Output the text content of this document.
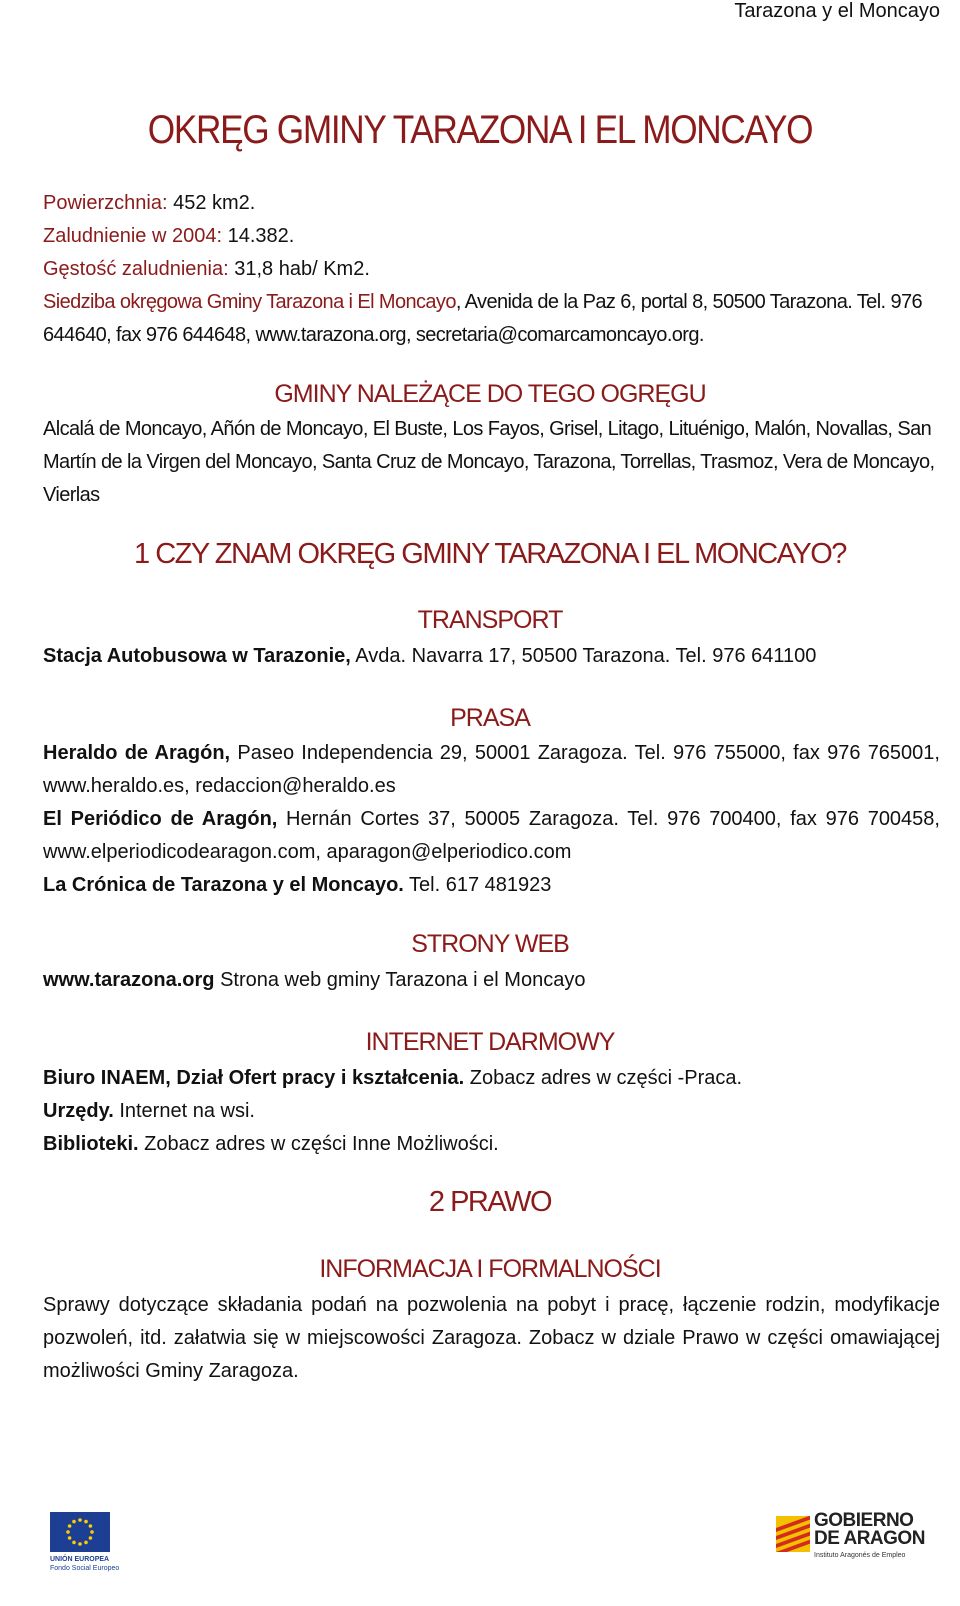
Tarazona y el Moncayo
OKRĘG GMINY TARAZONA I EL MONCAYO
Powierzchnia: 452 km2.
Zaludnienie w 2004: 14.382.
Gęstość zaludnienia: 31,8 hab/ Km2.
Siedziba okręgowa Gminy Tarazona i El Moncayo, Avenida de la Paz 6, portal 8, 50500 Tarazona. Tel. 976 644640, fax 976 644648, www.tarazona.org, secretaria@comarcamoncayo.org.
GMINY NALEŻĄCE DO TEGO OGRĘGU
Alcalá de Moncayo, Añón de Moncayo, El Buste, Los Fayos, Grisel, Litago, Lituénigo, Malón, Novallas, San Martín de la Virgen del Moncayo, Santa Cruz de Moncayo, Tarazona, Torrellas, Trasmoz, Vera de Moncayo, Vierlas
1 CZY ZNAM OKRĘG GMINY TARAZONA I EL MONCAYO?
TRANSPORT
Stacja Autobusowa w Tarazonie, Avda. Navarra 17, 50500 Tarazona. Tel. 976 641100
PRASA
Heraldo de Aragón, Paseo Independencia 29, 50001 Zaragoza. Tel. 976 755000, fax 976 765001, www.heraldo.es, redaccion@heraldo.es
El Periódico de Aragón, Hernán Cortes 37, 50005 Zaragoza. Tel. 976 700400, fax 976 700458, www.elperiodicodearagon.com, aparagon@elperiodico.com
La Crónica de Tarazona y el Moncayo. Tel. 617 481923
STRONY WEB
www.tarazona.org Strona web gminy Tarazona i el Moncayo
INTERNET DARMOWY
Biuro INAEM, Dział Ofert pracy i kształcenia. Zobacz adres w części -Praca.
Urzędy. Internet na wsi.
Biblioteki. Zobacz adres w części Inne Możliwości.
2 PRAWO
INFORMACJA I FORMALNOŚCI
Sprawy dotyczące składania podań na pozwolenia na pobyt i pracę, łączenie rodzin, modyfikacje pozwoleń, itd. załatwia się w miejscowości Zaragoza. Zobacz w dziale Prawo w części omawiającej możliwości Gminy Zaragoza.
UNIÓN EUROPEA
Fondo Social Europeo
GOBIERNO
DE ARAGON
Instituto Aragonés de Empleo
